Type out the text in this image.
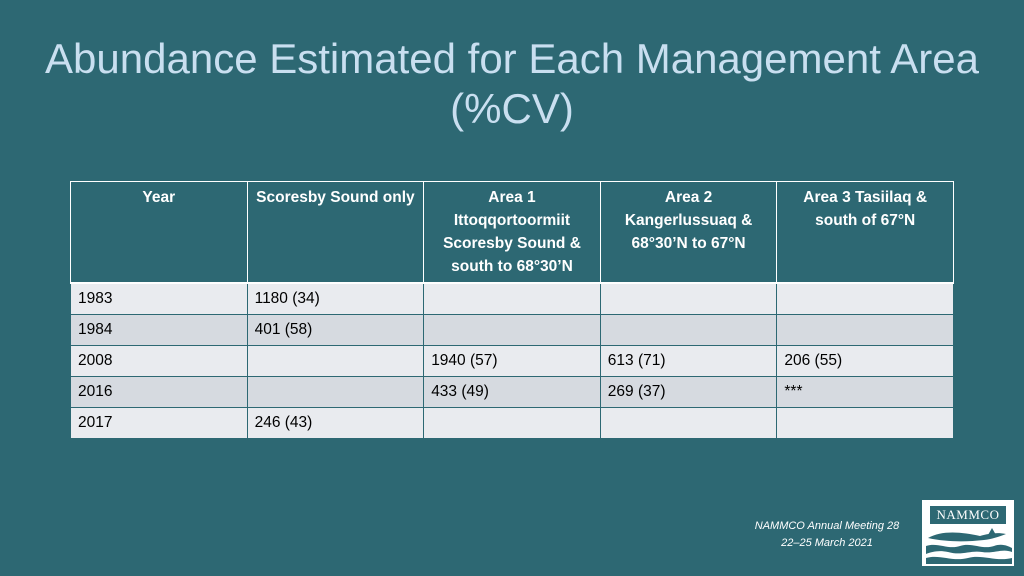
Abundance Estimated for Each Management Area
(%CV)
Year	Scoresby Sound only	Area 1 Ittoqqortoormiit Scoresby Sound & south to 68°30’N	Area 2 Kangerlussuaq & 68°30’N to 67°N	Area 3 Tasiilaq & south of 67°N
1983	1180 (34)			
1984	401 (58)			
2008		1940 (57)	613 (71)	206 (55)
2016		433 (49)	269 (37)	***
2017	246 (43)			
NAMMCO Annual Meeting 28
22–25 March 2021
NAMMCO
